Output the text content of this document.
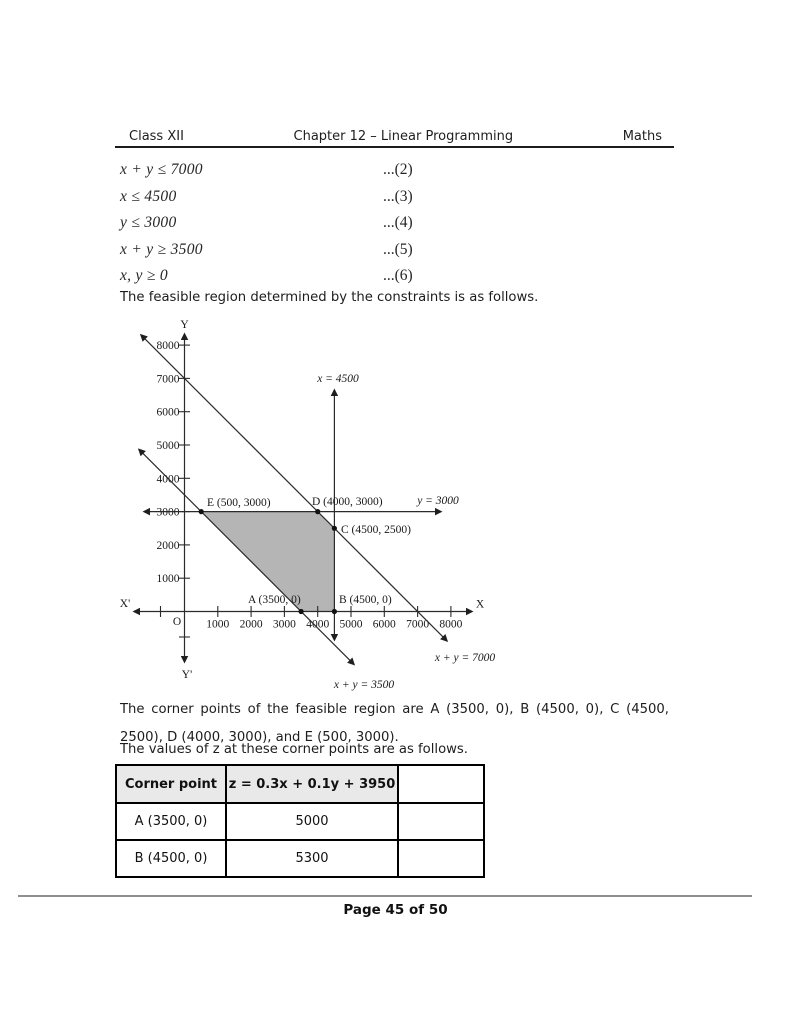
Class XII	Chapter 12 – Linear Programming	Maths
x + y ≤ 7000	...(2)
x ≤ 4500	...(3)
y ≤ 3000	...(4)
x + y ≥ 3500	...(5)
x, y ≥ 0	...(6)
The feasible region determined by the constraints is as follows.
1000 2000 3000 4000 5000 6000 7000 8000
1000
2000
3000
4000
5000
6000
7000
8000
Y
Y'
X'	X
O
x = 4500
y = 3000
x + y = 7000
x + y = 3500
E (500, 3000)	D (4000, 3000)
C (4500, 2500)
A (3500, 0)	B (4500, 0)
The corner points of the feasible region are A (3500, 0), B (4500, 0), C (4500, 2500), D (4000, 3000), and E (500, 3000).
The values of z at these corner points are as follows.
Corner point	z = 0.3x + 0.1y + 3950	
A (3500, 0)	5000	
B (4500, 0)	5300	
Page 45 of 50
